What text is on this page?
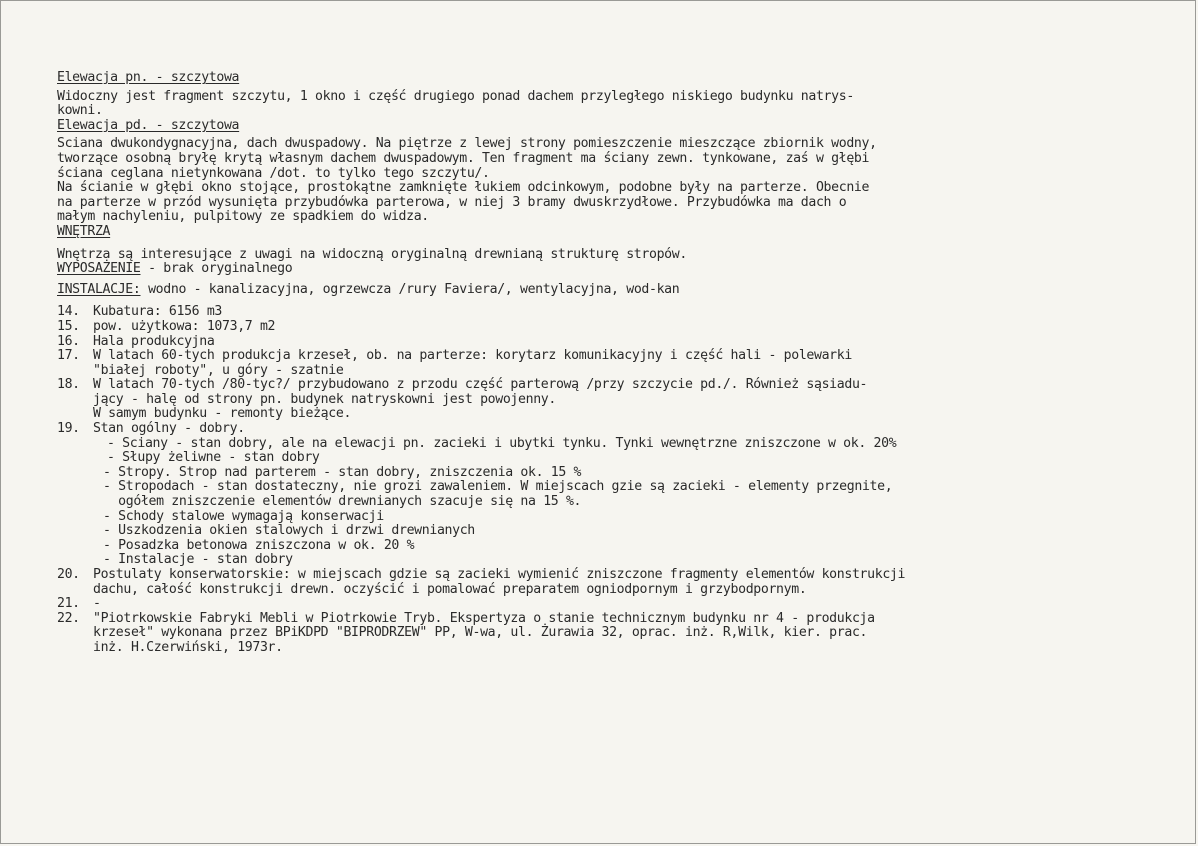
Elewacja pn. - szczytowa
Widoczny jest fragment szczytu, 1 okno i część drugiego ponad dachem przyległego niskiego budynku natrys-
kowni.
Elewacja pd. - szczytowa
Sciana dwukondygnacyjna, dach dwuspadowy. Na piętrze z lewej strony pomieszczenie mieszczące zbiornik wodny,
tworzące osobną bryłę krytą własnym dachem dwuspadowym. Ten fragment ma ściany zewn. tynkowane, zaś w głębi
ściana ceglana nietynkowana /dot. to tylko tego szczytu/.
Na ścianie w głębi okno stojące, prostokątne zamknięte łukiem odcinkowym, podobne były na parterze. Obecnie
na parterze w przód wysunięta przybudówka parterowa, w niej 3 bramy dwuskrzydłowe. Przybudówka ma dach o
małym nachyleniu, pulpitowy ze spadkiem do widza.
WNĘTRZA
Wnętrza są interesujące z uwagi na widoczną oryginalną drewnianą strukturę stropów.
WYPOSAŻENIE - brak oryginalnego
INSTALACJE: wodno - kanalizacyjna, ogrzewcza /rury Faviera/, wentylacyjna, wod-kan
14.	Kubatura: 6156 m3
15.	pow. użytkowa: 1073,7 m2
16.	Hala produkcyjna
17.	W latach 60-tych produkcja krzeseł, ob. na parterze: korytarz komunikacyjny i część hali - polewarki
"białej roboty", u góry - szatnie
18.	W latach 70-tych /80-tyc?/ przybudowano z przodu część parterową /przy szczycie pd./. Również sąsiadu-
jący - halę od strony pn. budynek natryskowni jest powojenny.
W samym budynku - remonty bieżące.
19.	Stan ogólny - dobry.
- Sciany - stan dobry, ale na elewacji pn. zacieki i ubytki tynku. Tynki wewnętrzne zniszczone w ok. 20%
- Słupy żeliwne - stan dobry
- Stropy. Strop nad parterem - stan dobry, zniszczenia ok. 15 %
- Stropodach - stan dostateczny, nie grozi zawaleniem. W miejscach gzie są zacieki - elementy przegnite,
ogółem zniszczenie elementów drewnianych szacuje się na 15 %.
- Schody stalowe wymagają konserwacji
- Uszkodzenia okien stalowych i drzwi drewnianych
- Posadzka betonowa zniszczona w ok. 20 %
- Instalacje - stan dobry
20.	Postulaty konserwatorskie: w miejscach gdzie są zacieki wymienić zniszczone fragmenty elementów konstrukcji
dachu, całość konstrukcji drewn. oczyścić i pomalować preparatem ogniodpornym i grzybodpornym.
21.	-
22.	"Piotrkowskie Fabryki Mebli w Piotrkowie Tryb. Ekspertyza o stanie technicznym budynku nr 4 - produkcja
krzeseł" wykonana przez BPiKDPD "BIPRODRZEW" PP, W-wa, ul. Żurawia 32, oprac. inż. R,Wilk, kier. prac.
inż. H.Czerwiński, 1973r.
